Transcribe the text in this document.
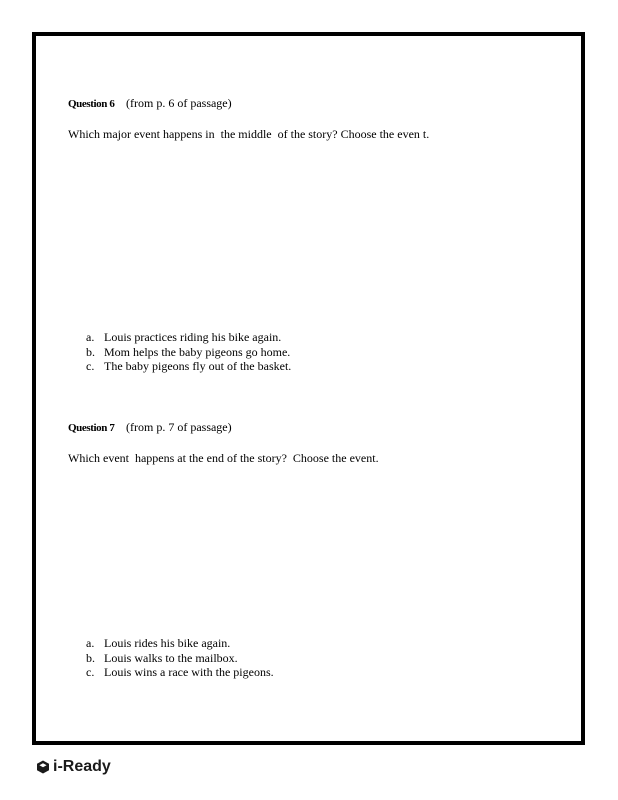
Question 6 (from p. 6 of passage)
Which major event happens in  the middle  of the story? Choose the even t.
a. Louis practices riding his bike again.
b. Mom helps the baby pigeons go home.
c. The baby pigeons fly out of the basket.
Question 7 (from p. 7 of passage)
Which event  happens at the end of the story?  Choose the event.
a. Louis rides his bike again.
b. Louis walks to the mailbox.
c. Louis wins a race with the pigeons.
i-Ready
